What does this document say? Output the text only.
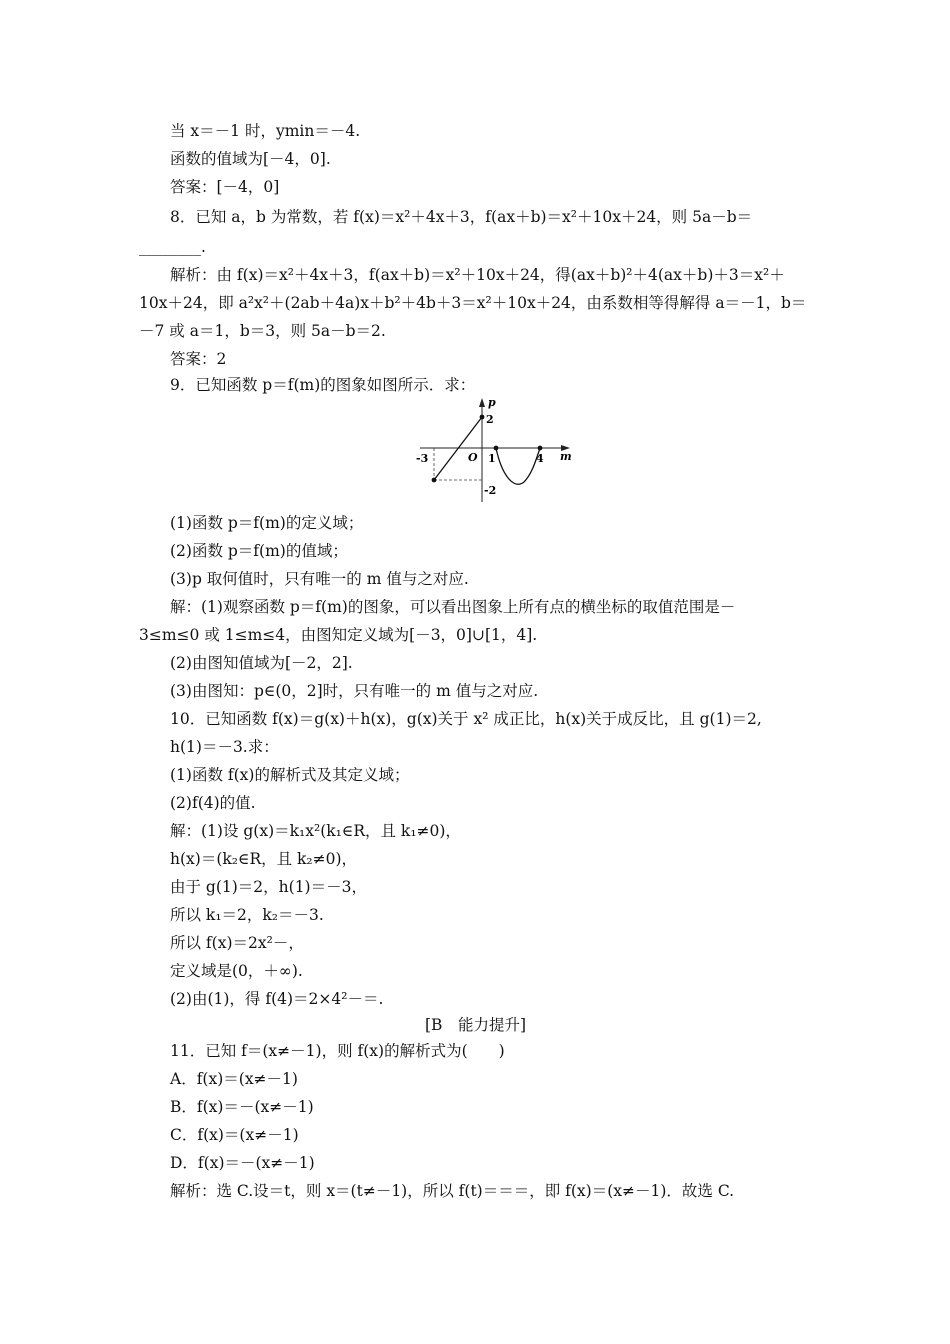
当 x＝－1 时，ymin＝－4.
函数的值域为[－4，0].
答案：[－4，0]
8．已知 a，b 为常数，若 f(x)＝x²＋4x＋3，f(ax＋b)＝x²＋10x＋24，则 5a－b＝
________.
解析：由 f(x)＝x²＋4x＋3，f(ax＋b)＝x²＋10x＋24，得(ax＋b)²＋4(ax＋b)＋3＝x²＋
10x＋24，即 a²x²＋(2ab＋4a)x＋b²＋4b＋3＝x²＋10x＋24，由系数相等得解得 a＝－1，b＝
－7 或 a＝1，b＝3，则 5a－b＝2.
答案：2
9．已知函数 p＝f(m)的图象如图所示．求：
p
m
O
-3	1	4
2
-2
(1)函数 p＝f(m)的定义域；
(2)函数 p＝f(m)的值域；
(3)p 取何值时，只有唯一的 m 值与之对应.
解：(1)观察函数 p＝f(m)的图象，可以看出图象上所有点的横坐标的取值范围是－
3≤m≤0 或 1≤m≤4，由图知定义域为[－3，0]∪[1，4].
(2)由图知值域为[－2，2].
(3)由图知：p∈(0，2]时，只有唯一的 m 值与之对应.
10．已知函数 f(x)＝g(x)＋h(x)，g(x)关于 x² 成正比，h(x)关于成反比，且 g(1)＝2,
h(1)＝－3.求：
(1)函数 f(x)的解析式及其定义域；
(2)f(4)的值.
解：(1)设 g(x)＝k₁x²(k₁∈R，且 k₁≠0)，
h(x)＝(k₂∈R，且 k₂≠0)，
由于 g(1)＝2，h(1)＝－3，
所以 k₁＝2，k₂＝－3.
所以 f(x)＝2x²－，
定义域是(0，＋∞).
(2)由(1)，得 f(4)＝2×4²－＝.
[B　能力提升]
11．已知 f＝(x≠－1)，则 f(x)的解析式为(　　)
A．f(x)＝(x≠－1)
B．f(x)＝－(x≠－1)
C．f(x)＝(x≠－1)
D．f(x)＝－(x≠－1)
解析：选 C.设＝t，则 x＝(t≠－1)，所以 f(t)＝＝＝，即 f(x)＝(x≠－1)．故选 C.
